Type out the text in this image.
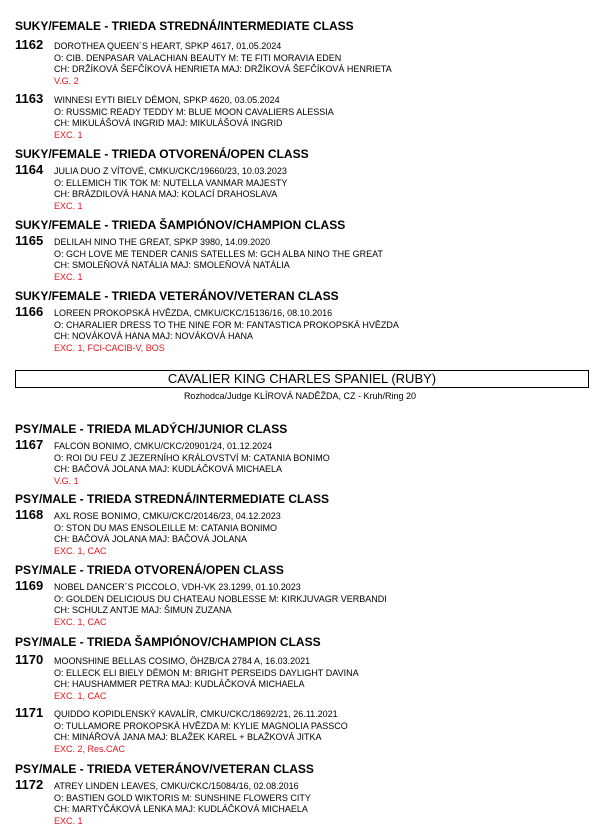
SUKY/FEMALE - TRIEDA STREDNÁ/INTERMEDIATE CLASS
1162 DOROTHEA QUEEN´S HEART, SPKP 4617, 01.05.2024
O: CIB. DENPASAR VALACHIAN BEAUTY M: TE FITI MORAVIA EDEN
CH: DRŽÍKOVÁ ŠEFČÍKOVÁ HENRIETA MAJ: DRŽÍKOVÁ ŠEFČÍKOVÁ HENRIETA
V.G. 2
1163 WINNESI EYTI BIELY DÉMON, SPKP 4620, 03.05.2024
O: RUSSMIC READY TEDDY M: BLUE MOON CAVALIERS ALESSIA
CH: MIKULÁŠOVÁ INGRID MAJ: MIKULÁŠOVÁ INGRID
EXC. 1
SUKY/FEMALE - TRIEDA OTVORENÁ/OPEN CLASS
1164 JULIA DUO Z VÍTOVÉ, CMKU/CKC/19660/23, 10.03.2023
O: ELLEMICH TIK TOK M: NUTELLA VANMAR MAJESTY
CH: BRÁZDILOVÁ HANA MAJ: KOLACÍ DRAHOSLAVA
EXC. 1
SUKY/FEMALE - TRIEDA ŠAMPIÓNOV/CHAMPION CLASS
1165 DELILAH NINO THE GREAT, SPKP 3980, 14.09.2020
O: GCH LOVE ME TENDER CANIS SATELLES M: GCH ALBA NINO THE GREAT
CH: SMOLEŇOVÁ NATÁLIA MAJ: SMOLEŇOVÁ NATÁLIA
EXC. 1
SUKY/FEMALE - TRIEDA VETERÁNOV/VETERAN CLASS
1166 LOREEN PROKOPSKÁ HVĚZDA, CMKU/CKC/15136/16, 08.10.2016
O: CHARALIER DRESS TO THE NINE FOR M: FANTASTICA PROKOPSKÁ HVĚZDA
CH: NOVÁKOVÁ HANA MAJ: NOVÁKOVÁ HANA
EXC. 1, FCI-CACIB-V, BOS
CAVALIER KING CHARLES SPANIEL (RUBY)
Rozhodca/Judge KLÍROVÁ NADĚŽDA, CZ - Kruh/Ring 20
PSY/MALE - TRIEDA MLADÝCH/JUNIOR CLASS
1167 FALCON BONIMO, CMKU/CKC/20901/24, 01.12.2024
O: ROI DU FEU Z JEZERNÍHO KRÁLOVSTVÍ M: CATANIA BONIMO
CH: BAČOVÁ JOLANA MAJ: KUDLÁČKOVÁ MICHAELA
V.G. 1
PSY/MALE - TRIEDA STREDNÁ/INTERMEDIATE CLASS
1168 AXL ROSE BONIMO, CMKU/CKC/20146/23, 04.12.2023
O: STON DU MAS ENSOLEILLE M: CATANIA BONIMO
CH: BAČOVÁ JOLANA MAJ: BAČOVÁ JOLANA
EXC. 1, CAC
PSY/MALE - TRIEDA OTVORENÁ/OPEN CLASS
1169 NOBEL DANCER´S PICCOLO, VDH-VK 23.1299, 01.10.2023
O: GOLDEN DELICIOUS DU CHATEAU NOBLESSE M: KIRKJUVAGR VERBANDI
CH: SCHULZ ANTJE MAJ: ŠIMUN ZUZANA
EXC. 1, CAC
PSY/MALE - TRIEDA ŠAMPIÓNOV/CHAMPION CLASS
1170 MOONSHINE BELLAS COSIMO, ÖHZB/CA 2784 A, 16.03.2021
O: ELLECK ELI BIELY DÉMON M: BRIGHT PERSEIDS DAYLIGHT DAVINA
CH: HAUSHAMMER PETRA MAJ: KUDLÁČKOVÁ MICHAELA
EXC. 1, CAC
1171 QUIDDO KOPIDLENSKÝ KAVALÍR, CMKU/CKC/18692/21, 26.11.2021
O: TULLAMORE PROKOPSKÁ HVĚZDA M: KYLIE MAGNOLIA PASSCO
CH: MINÁŘOVÁ JANA MAJ: BLAŽEK KAREL + BLAŽKOVÁ JITKA
EXC. 2, Res.CAC
PSY/MALE - TRIEDA VETERÁNOV/VETERAN CLASS
1172 ATREY LINDEN LEAVES, CMKU/CKC/15084/16, 02.08.2016
O: BASTIEN GOLD WIKTORIS M: SUNSHINE FLOWERS CITY
CH: MARTYČÁKOVÁ LENKA MAJ: KUDLÁČKOVÁ MICHAELA
EXC. 1
